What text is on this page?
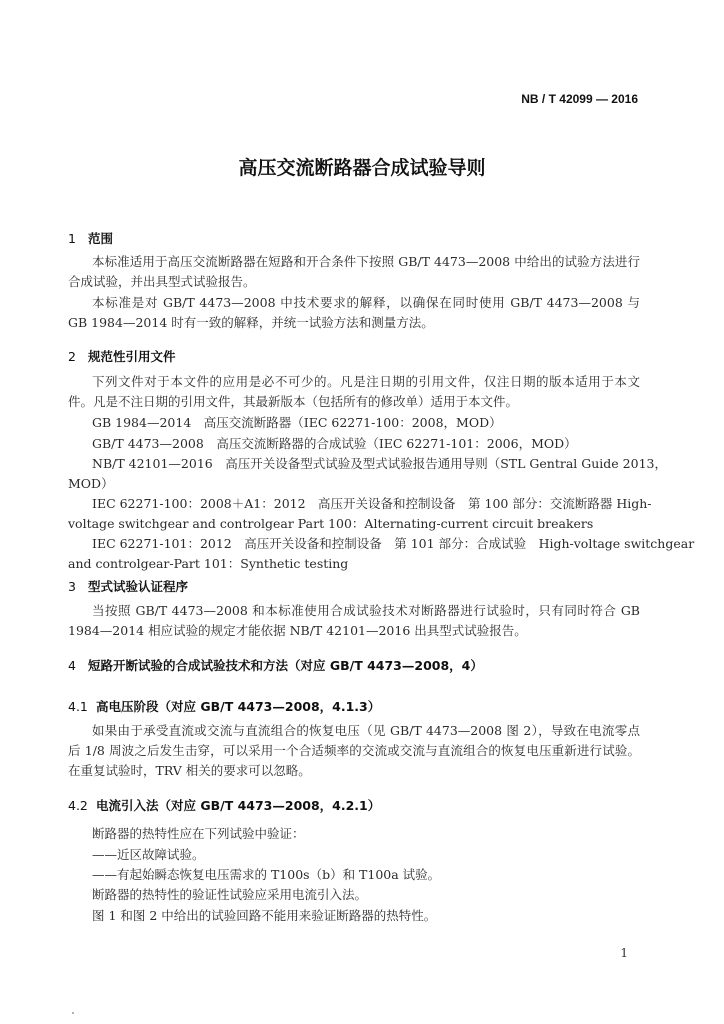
NB / T 42099 — 2016
高压交流断路器合成试验导则
1 范围
本标准适用于高压交流断路器在短路和开合条件下按照 GB/T 4473—2008 中给出的试验方法进行合成试验，并出具型式试验报告。
本标准是对 GB/T 4473—2008 中技术要求的解释，以确保在同时使用 GB/T 4473—2008 与 GB 1984—2014 时有一致的解释，并统一试验方法和测量方法。
2 规范性引用文件
下列文件对于本文件的应用是必不可少的。凡是注日期的引用文件，仅注日期的版本适用于本文件。凡是不注日期的引用文件，其最新版本（包括所有的修改单）适用于本文件。
GB 1984—2014　高压交流断路器（IEC 62271-100：2008，MOD）
GB/T 4473—2008　高压交流断路器的合成试验（IEC 62271-101：2006，MOD）
NB/T 42101—2016　高压开关设备型式试验及型式试验报告通用导则（STL Gentral Guide 2013，
MOD）
IEC 62271-100：2008＋A1：2012　高压开关设备和控制设备　第 100 部分：交流断路器 High-
voltage switchgear and controlgear Part 100：Alternating-current circuit breakers
IEC 62271-101：2012　高压开关设备和控制设备　第 101 部分：合成试验　High-voltage switchgear
and controlgear-Part 101：Synthetic testing
3 型式试验认证程序
当按照 GB/T 4473—2008 和本标准使用合成试验技术对断路器进行试验时，只有同时符合 GB 1984—2014 相应试验的规定才能依据 NB/T 42101—2016 出具型式试验报告。
4 短路开断试验的合成试验技术和方法（对应 GB/T 4473—2008，4）
4.1 高电压阶段（对应 GB/T 4473—2008，4.1.3）
如果由于承受直流或交流与直流组合的恢复电压（见 GB/T 4473—2008 图 2），导致在电流零点后 1/8 周波之后发生击穿，可以采用一个合适频率的交流或交流与直流组合的恢复电压重新进行试验。在重复试验时，TRV 相关的要求可以忽略。
4.2 电流引入法（对应 GB/T 4473—2008，4.2.1）
断路器的热特性应在下列试验中验证：
——近区故障试验。
——有起始瞬态恢复电压需求的 T100s（b）和 T100a 试验。
断路器的热特性的验证性试验应采用电流引入法。
图 1 和图 2 中给出的试验回路不能用来验证断路器的热特性。
1
